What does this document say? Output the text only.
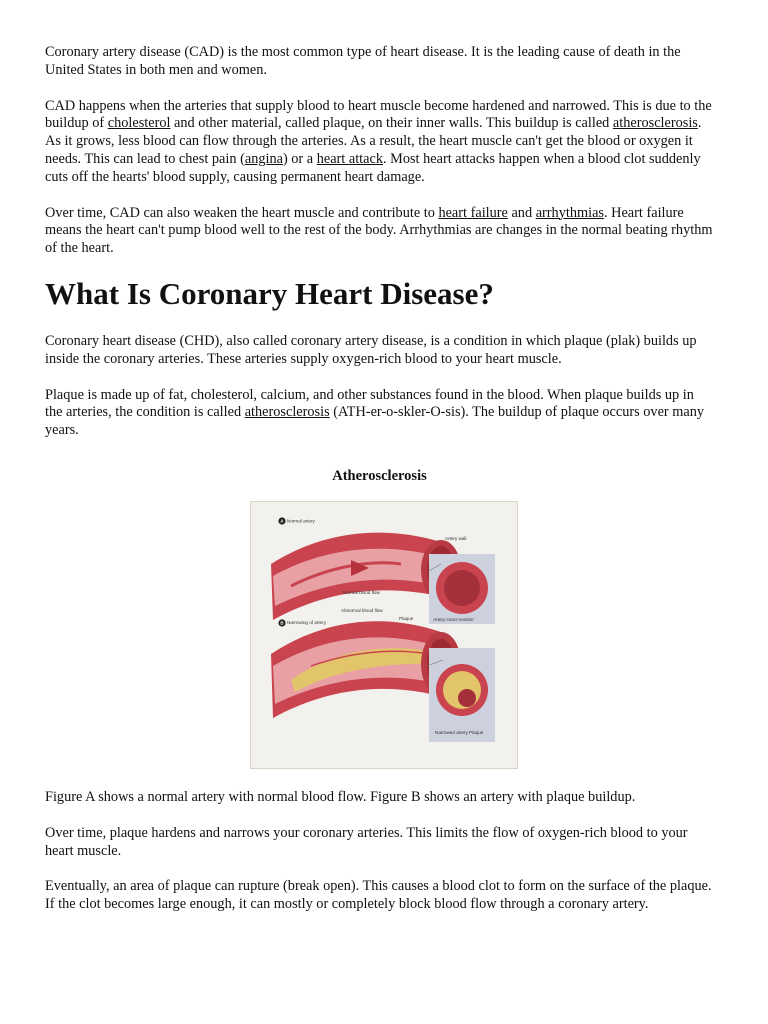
Coronary artery disease (CAD) is the most common type of heart disease. It is the leading cause of death in the United States in both men and women.

CAD happens when the arteries that supply blood to heart muscle become hardened and narrowed. This is due to the buildup of cholesterol and other material, called plaque, on their inner walls. This buildup is called atherosclerosis. As it grows, less blood can flow through the arteries. As a result, the heart muscle can't get the blood or oxygen it needs. This can lead to chest pain (angina) or a heart attack. Most heart attacks happen when a blood clot suddenly cuts off the hearts' blood supply, causing permanent heart damage.

Over time, CAD can also weaken the heart muscle and contribute to heart failure and arrhythmias. Heart failure means the heart can't pump blood well to the rest of the body. Arrhythmias are changes in the normal beating rhythm of the heart.

What Is Coronary Heart Disease?

Coronary heart disease (CHD), also called coronary artery disease, is a condition in which plaque (plak) builds up inside the coronary arteries. These arteries supply oxygen-rich blood to your heart muscle.

Plaque is made up of fat, cholesterol, calcium, and other substances found in the blood. When plaque builds up in the arteries, the condition is called atherosclerosis (ATH-er-o-skler-O-sis). The buildup of plaque occurs over many years.

Atherosclerosis
A Normal artery
B Narrowing of artery
Artery wall
Normal blood flow
Abnormal blood flow
Plaque	Artery cross-section
Narrowed artery Plaque

Figure A shows a normal artery with normal blood flow. Figure B shows an artery with plaque buildup.

Over time, plaque hardens and narrows your coronary arteries. This limits the flow of oxygen-rich blood to your heart muscle.

Eventually, an area of plaque can rupture (break open). This causes a blood clot to form on the surface of the plaque. If the clot becomes large enough, it can mostly or completely block blood flow through a coronary artery.
